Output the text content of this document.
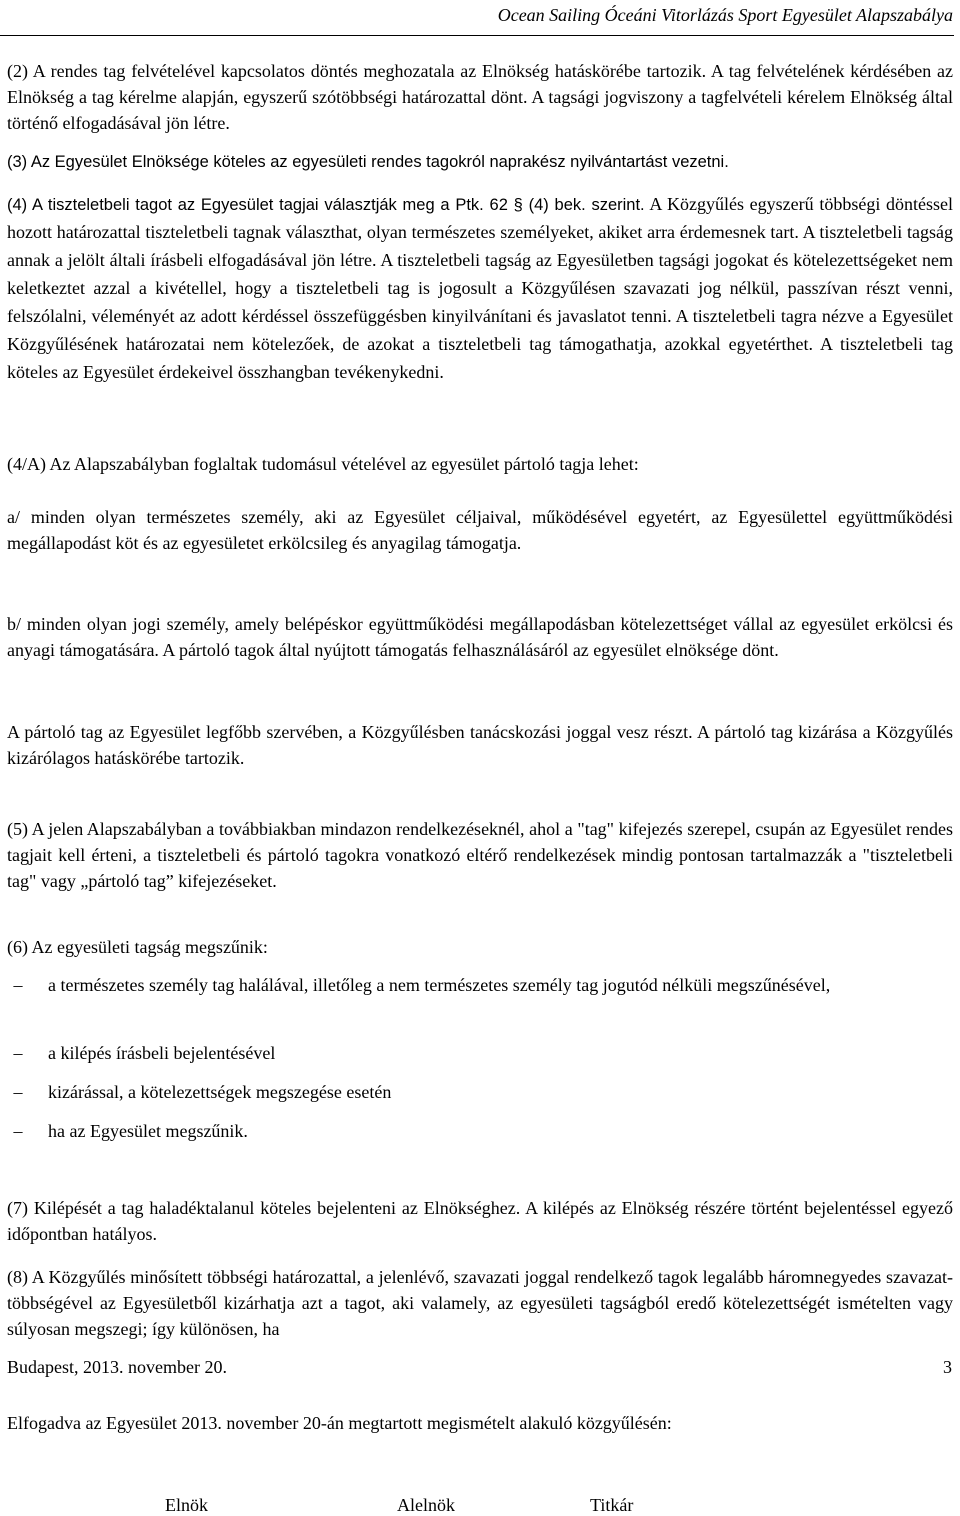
Ocean Sailing Óceáni Vitorlázás Sport Egyesület Alapszabálya
(2) A rendes tag felvételével kapcsolatos döntés meghozatala az Elnökség hatáskörébe tartozik. A tag felvételének kérdésében az Elnökség a tag kérelme alapján, egyszerű szótöbbségi határozattal dönt. A tagsági jogviszony a tagfelvételi kérelem Elnökség által történő elfogadásával jön létre.
(3) Az Egyesület Elnöksége köteles az egyesületi rendes tagokról naprakész nyilvántartást vezetni.
(4) A tiszteletbeli tagot az Egyesület tagjai választják meg a Ptk. 62 § (4) bek. szerint. A Közgyűlés egyszerű többségi döntéssel hozott határozattal tiszteletbeli tagnak választhat, olyan természetes személyeket, akiket arra érdemesnek tart. A tiszteletbeli tagság annak a jelölt általi írásbeli elfogadásával jön létre. A tiszteletbeli tagság az Egyesületben tagsági jogokat és kötelezettségeket nem keletkeztet azzal a kivétellel, hogy a tiszteletbeli tag is jogosult a Közgyűlésen szavazati jog nélkül, passzívan részt venni, felszólalni, véleményét az adott kérdéssel összefüggésben kinyilvánítani és javaslatot tenni. A tiszteletbeli tagra nézve a Egyesület Közgyűlésének határozatai nem kötelezőek, de azokat a tiszteletbeli tag támogathatja, azokkal egyetérthet. A tiszteletbeli tag köteles az Egyesület érdekeivel összhangban tevékenykedni.
(4/A) Az Alapszabályban foglaltak tudomásul vételével az egyesület pártoló tagja lehet:
a/ minden olyan természetes személy, aki az Egyesület céljaival, működésével egyetért, az Egyesülettel együttműködési megállapodást köt és az egyesületet erkölcsileg és anyagilag támogatja.
b/ minden olyan jogi személy, amely belépéskor együttműködési megállapodásban kötelezettséget vállal az egyesület erkölcsi és anyagi támogatására. A pártoló tagok által nyújtott támogatás felhasználásáról az egyesület elnöksége dönt.
A pártoló tag az Egyesület legfőbb szervében, a Közgyűlésben tanácskozási joggal vesz részt. A pártoló tag kizárása a Közgyűlés kizárólagos hatáskörébe tartozik.
(5) A jelen Alapszabályban a továbbiakban mindazon rendelkezéseknél, ahol a "tag" kifejezés szerepel, csupán az Egyesület rendes tagjait kell érteni, a tiszteletbeli és pártoló tagokra vonatkozó eltérő rendelkezések mindig pontosan tartalmazzák a "tiszteletbeli tag" vagy „pártoló tag” kifejezéseket.
(6) Az egyesületi tagság megszűnik:
–	a természetes személy tag halálával, illetőleg a nem természetes személy tag jogutód nélküli megszűnésével,
–	a kilépés írásbeli bejelentésével
–	kizárással, a kötelezettségek megszegése esetén
–	ha az Egyesület megszűnik.
(7) Kilépését a tag haladéktalanul köteles bejelenteni az Elnökséghez. A kilépés az Elnökség részére történt bejelentéssel egyező időpontban hatályos.
(8) A Közgyűlés minősített többségi határozattal, a jelenlévő, szavazati joggal rendelkező tagok legalább háromnegyedes szavazat-többségével az Egyesületből kizárhatja azt a tagot, aki valamely, az egyesületi tagságból eredő kötelezettségét ismételten vagy súlyosan megszegi; így különösen, ha
Budapest, 2013. november 20.	3
Elfogadva az Egyesület 2013. november 20-án megtartott megismételt alakuló közgyűlésén:
Elnök	Alelnök	Titkár
